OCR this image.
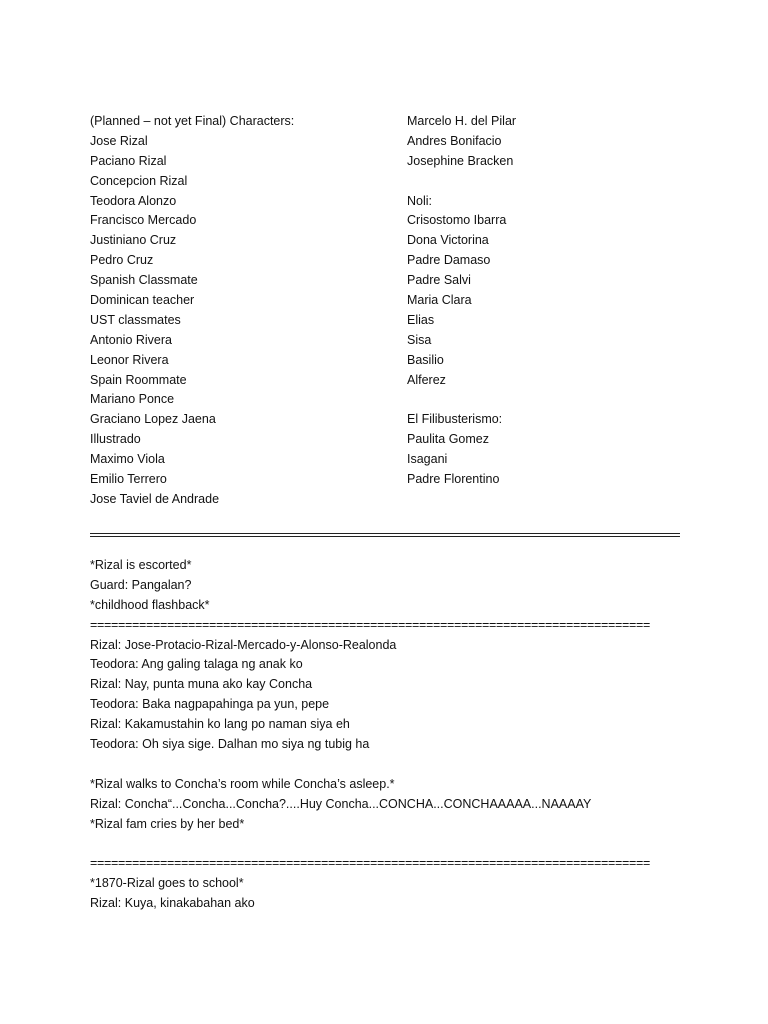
(Planned – not yet Final) Characters:
Jose Rizal
Paciano Rizal
Concepcion Rizal
Teodora Alonzo
Francisco Mercado
Justiniano Cruz
Pedro Cruz
Spanish Classmate
Dominican teacher
UST classmates
Antonio Rivera
Leonor Rivera
Spain Roommate
Mariano Ponce
Graciano Lopez Jaena
Illustrado
Maximo Viola
Emilio Terrero
Jose Taviel de Andrade
Marcelo H. del Pilar
Andres Bonifacio
Josephine Bracken
Noli:
Crisostomo Ibarra
Dona Victorina
Padre Damaso
Padre Salvi
Maria Clara
Elias
Sisa
Basilio
Alferez
El Filibusterismo:
Paulita Gomez
Isagani
Padre Florentino
*Rizal is escorted*
Guard: Pangalan?
*childhood flashback*
================================================================================
Rizal: Jose-Protacio-Rizal-Mercado-y-Alonso-Realonda
Teodora: Ang galing talaga ng anak ko
Rizal: Nay, punta muna ako kay Concha
Teodora: Baka nagpapahinga pa yun, pepe
Rizal: Kakamustahin ko lang po naman siya eh
Teodora: Oh siya sige. Dalhan mo siya ng tubig ha
*Rizal walks to Concha’s room while Concha’s asleep.*
Rizal: Concha“...Concha...Concha?....Huy Concha...CONCHA...CONCHAAAAA...NAAAAY
*Rizal fam cries by her bed*
================================================================================
*1870-Rizal goes to school*
Rizal: Kuya, kinakabahan ako
